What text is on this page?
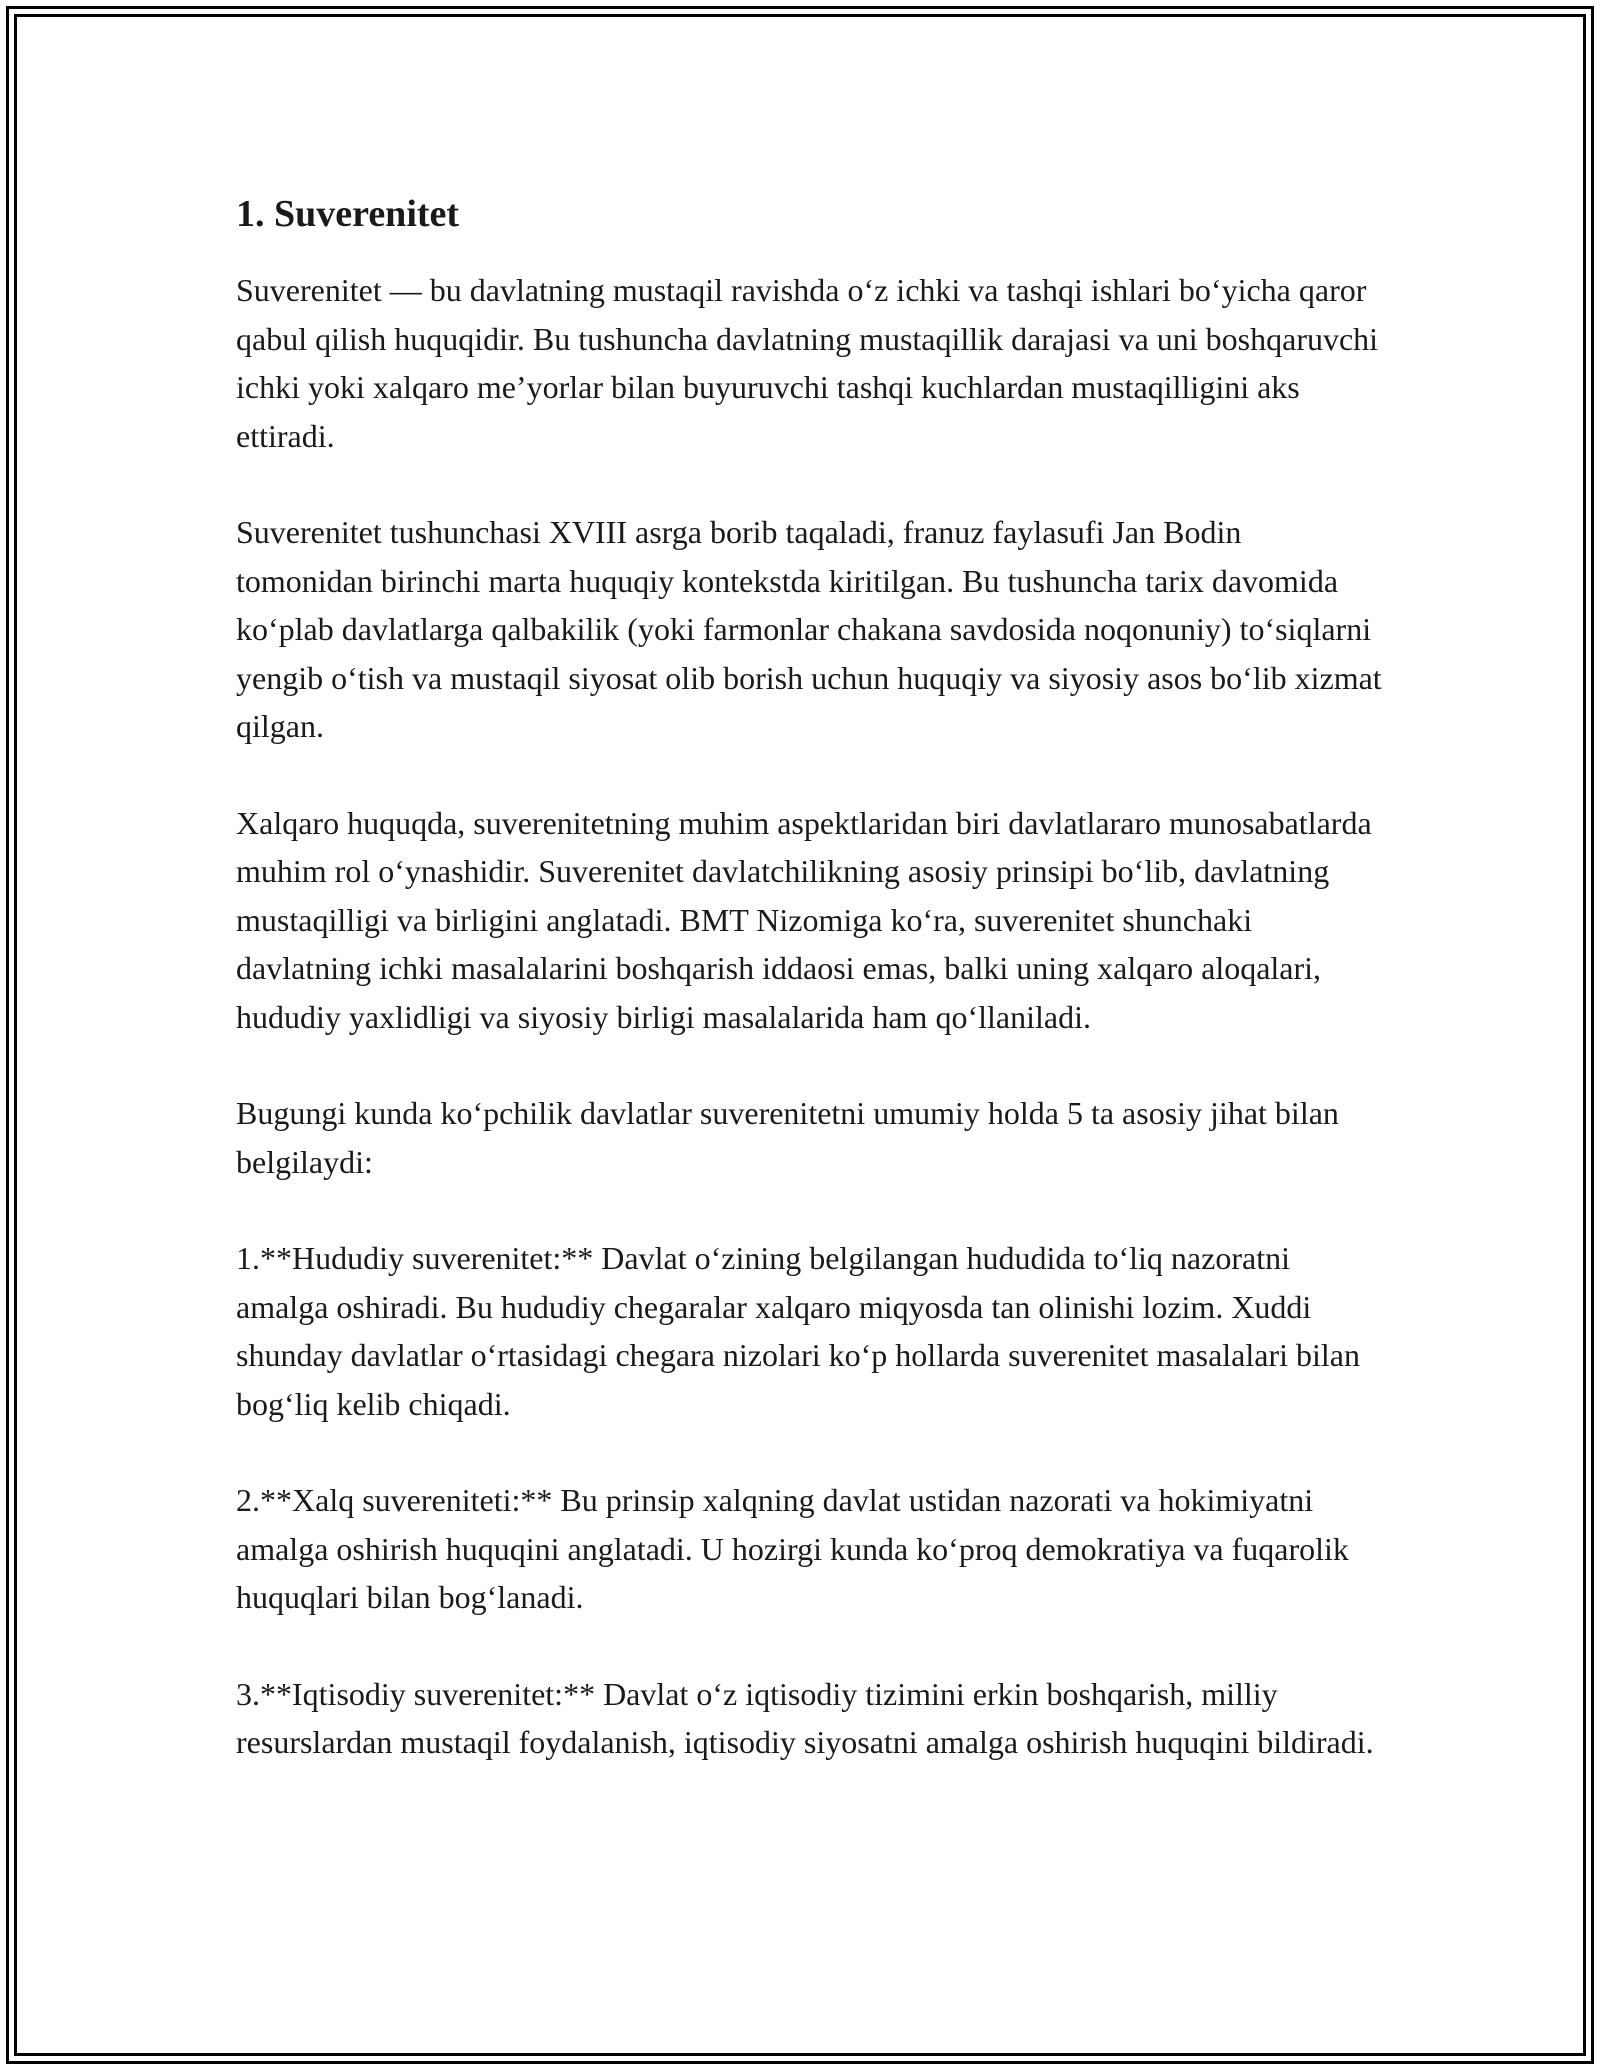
1. Suverenitet

Suverenitet — bu davlatning mustaqil ravishda o‘z ichki va tashqi ishlari bo‘yicha qaror qabul qilish huquqidir. Bu tushuncha davlatning mustaqillik darajasi va uni boshqaruvchi ichki yoki xalqaro me’yorlar bilan buyuruvchi tashqi kuchlardan mustaqilligini aks ettiradi.

Suverenitet tushunchasi XVIII asrga borib taqaladi, franuz faylasufi Jan Bodin tomonidan birinchi marta huquqiy kontekstda kiritilgan. Bu tushuncha tarix davomida ko‘plab davlatlarga qalbakilik (yoki farmonlar chakana savdosida noqonuniy) to‘siqlarni yengib o‘tish va mustaqil siyosat olib borish uchun huquqiy va siyosiy asos bo‘lib xizmat qilgan.

Xalqaro huquqda, suverenitetning muhim aspektlaridan biri davlatlararo munosabatlarda muhim rol o‘ynashidir. Suverenitet davlatchilikning asosiy prinsipi bo‘lib, davlatning mustaqilligi va birligini anglatadi. BMT Nizomiga ko‘ra, suverenitet shunchaki davlatning ichki masalalarini boshqarish iddaosi emas, balki uning xalqaro aloqalari, hududiy yaxlidligi va siyosiy birligi masalalarida ham qo‘llaniladi.

Bugungi kunda ko‘pchilik davlatlar suverenitetni umumiy holda 5 ta asosiy jihat bilan belgilaydi:

1.**Hududiy suverenitet:** Davlat o‘zining belgilangan hududida to‘liq nazoratni amalga oshiradi. Bu hududiy chegaralar xalqaro miqyosda tan olinishi lozim. Xuddi shunday davlatlar o‘rtasidagi chegara nizolari ko‘p hollarda suverenitet masalalari bilan bog‘liq kelib chiqadi.

2.**Xalq suvereniteti:** Bu prinsip xalqning davlat ustidan nazorati va hokimiyatni amalga oshirish huquqini anglatadi. U hozirgi kunda ko‘proq demokratiya va fuqarolik huquqlari bilan bog‘lanadi.

3.**Iqtisodiy suverenitet:** Davlat o‘z iqtisodiy tizimini erkin boshqarish, milliy resurslardan mustaqil foydalanish, iqtisodiy siyosatni amalga oshirish huquqini bildiradi.
